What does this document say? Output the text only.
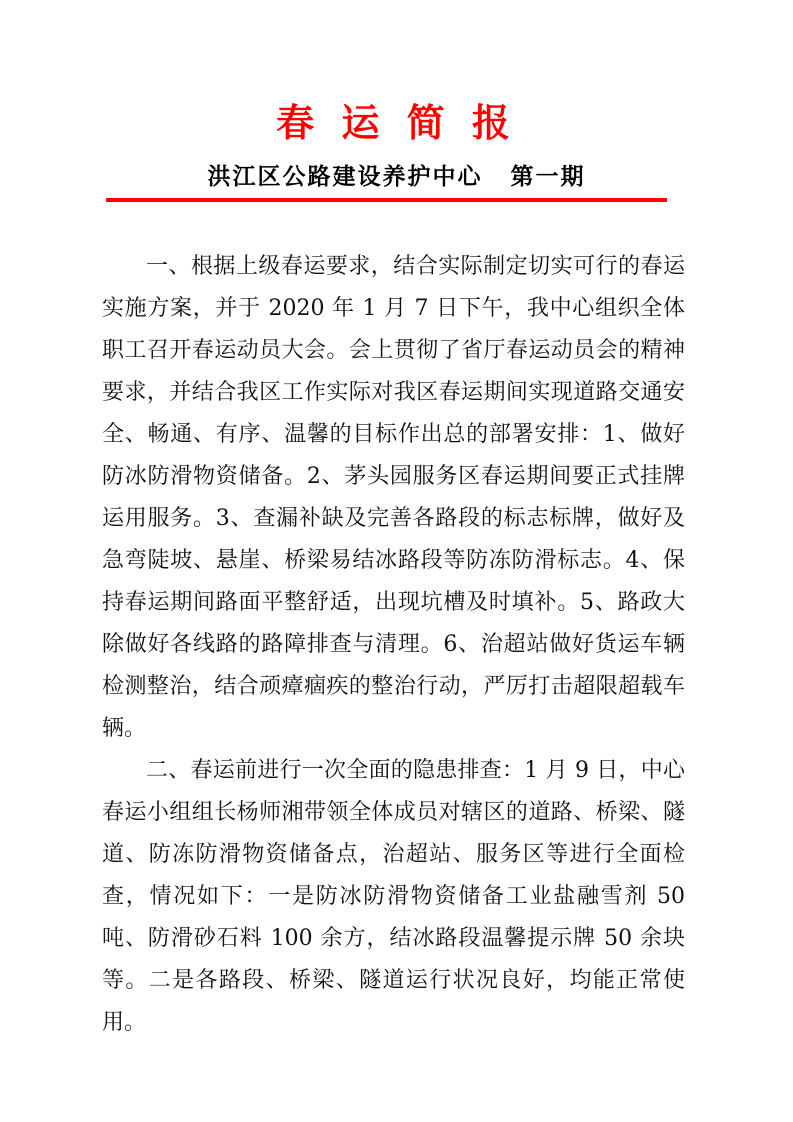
春 运 简 报
洪江区公路建设养护中心 第一期

一、根据上级春运要求，结合实际制定切实可行的春运实施方案，并于 2020 年 1 月 7 日下午，我中心组织全体职工召开春运动员大会。会上贯彻了省厅春运动员会的精神要求，并结合我区工作实际对我区春运期间实现道路交通安全、畅通、有序、温馨的目标作出总的部署安排：1、做好防冰防滑物资储备。2、茅头园服务区春运期间要正式挂牌运用服务。3、查漏补缺及完善各路段的标志标牌，做好及急弯陡坡、悬崖、桥梁易结冰路段等防冻防滑标志。4、保持春运期间路面平整舒适，出现坑槽及时填补。5、路政大除做好各线路的路障排查与清理。6、治超站做好货运车辆检测整治，结合顽瘴痼疾的整治行动，严厉打击超限超载车辆。

二、春运前进行一次全面的隐患排查：1 月 9 日，中心春运小组组长杨师湘带领全体成员对辖区的道路、桥梁、隧道、防冻防滑物资储备点，治超站、服务区等进行全面检查，情况如下：一是防冰防滑物资储备工业盐融雪剂 50 吨、防滑砂石料 100 余方，结冰路段温馨提示牌 50 余块等。二是各路段、桥梁、隧道运行状况良好，均能正常使用。
